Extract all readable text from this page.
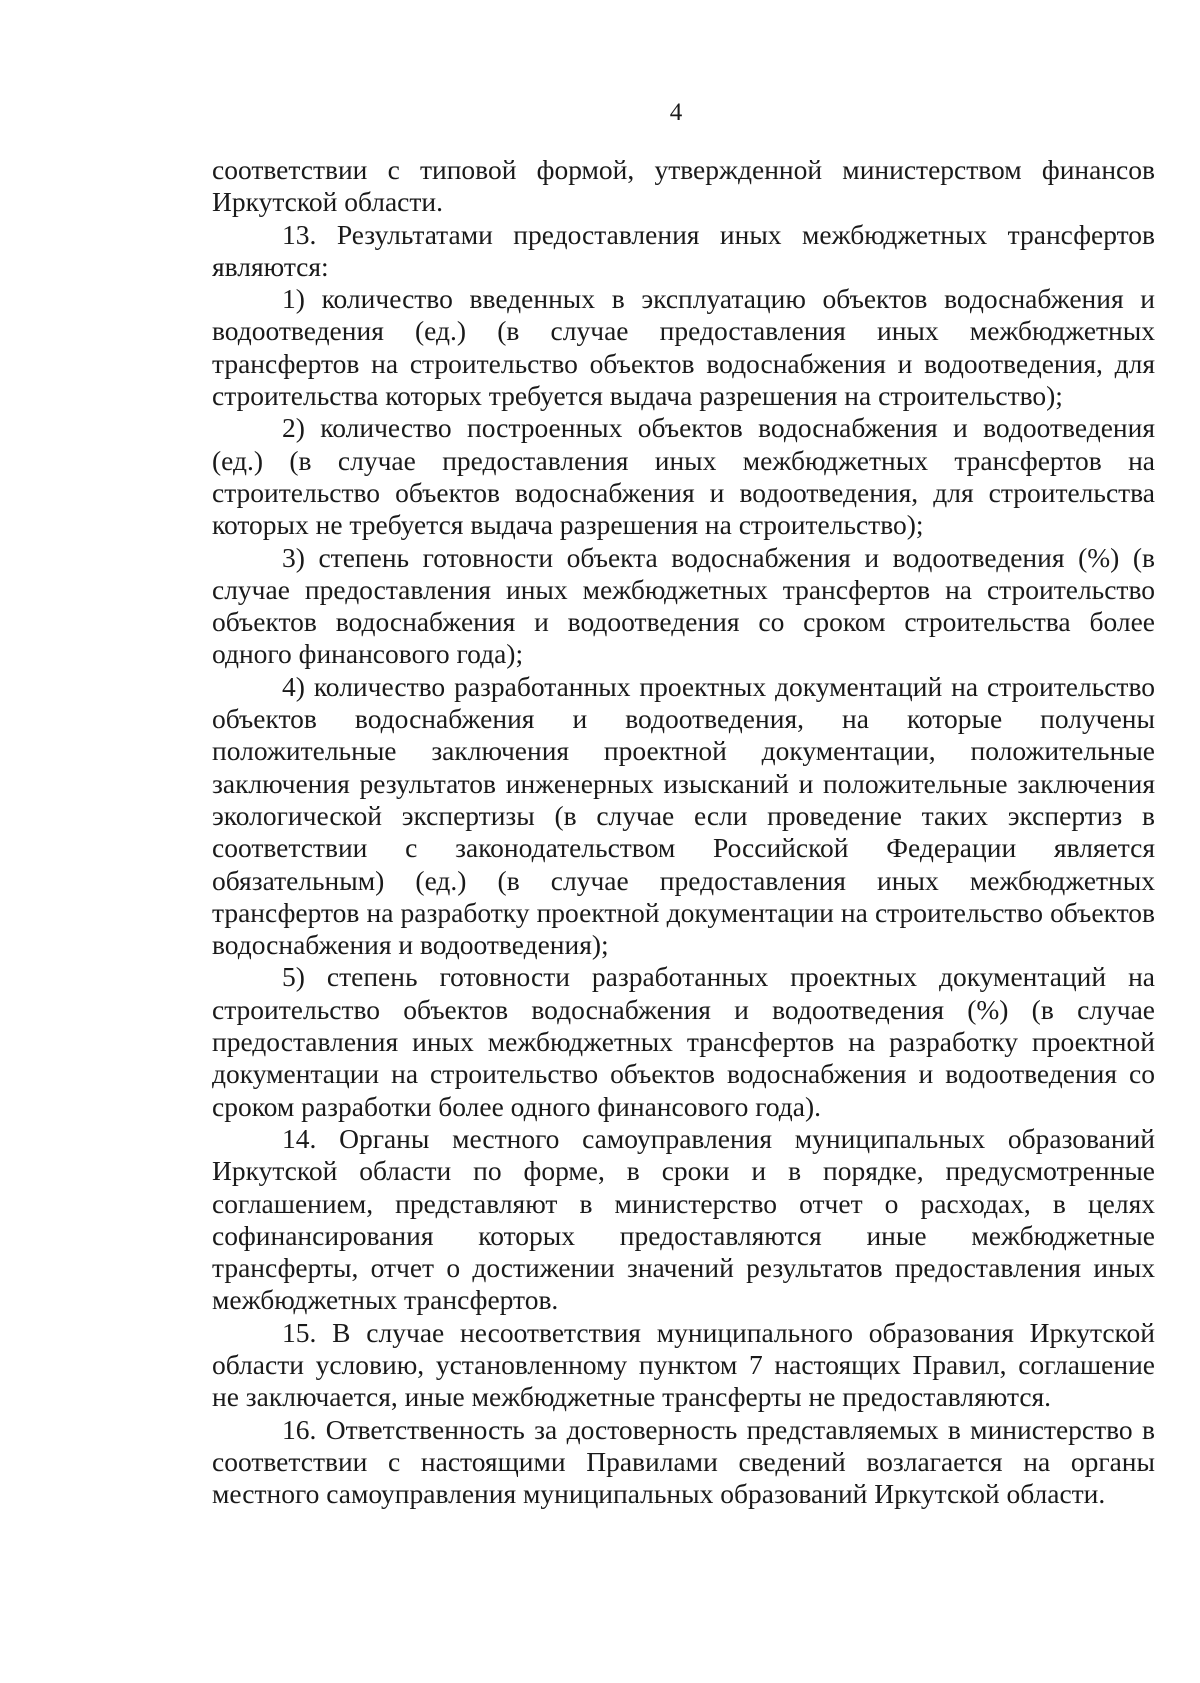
4

соответствии с типовой формой, утвержденной министерством финансов Иркутской области.

13. Результатами предоставления иных межбюджетных трансфертов являются:

1) количество введенных в эксплуатацию объектов водоснабжения и водоотведения (ед.) (в случае предоставления иных межбюджетных трансфертов на строительство объектов водоснабжения и водоотведения, для строительства которых требуется выдача разрешения на строительство);

2) количество построенных объектов водоснабжения и водоотведения (ед.) (в случае предоставления иных межбюджетных трансфертов на строительство объектов водоснабжения и водоотведения, для строительства которых не требуется выдача разрешения на строительство);

3) степень готовности объекта водоснабжения и водоотведения (%) (в случае предоставления иных межбюджетных трансфертов на строительство объектов водоснабжения и водоотведения со сроком строительства более одного финансового года);

4) количество разработанных проектных документаций на строительство объектов водоснабжения и водоотведения, на которые получены положительные заключения проектной документации, положительные заключения результатов инженерных изысканий и положительные заключения экологической экспертизы (в случае если проведение таких экспертиз в соответствии с законодательством Российской Федерации является обязательным) (ед.) (в случае предоставления иных межбюджетных трансфертов на разработку проектной документации на строительство объектов водоснабжения и водоотведения);

5) степень готовности разработанных проектных документаций на строительство объектов водоснабжения и водоотведения (%) (в случае предоставления иных межбюджетных трансфертов на разработку проектной документации на строительство объектов водоснабжения и водоотведения со сроком разработки более одного финансового года).

14. Органы местного самоуправления муниципальных образований Иркутской области по форме, в сроки и в порядке, предусмотренные соглашением, представляют в министерство отчет о расходах, в целях софинансирования которых предоставляются иные межбюджетные трансферты, отчет о достижении значений результатов предоставления иных межбюджетных трансфертов.

15. В случае несоответствия муниципального образования Иркутской области условию, установленному пунктом 7 настоящих Правил, соглашение не заключается, иные межбюджетные трансферты не предоставляются.

16. Ответственность за достоверность представляемых в министерство в соответствии с настоящими Правилами сведений возлагается на органы местного самоуправления муниципальных образований Иркутской области.
